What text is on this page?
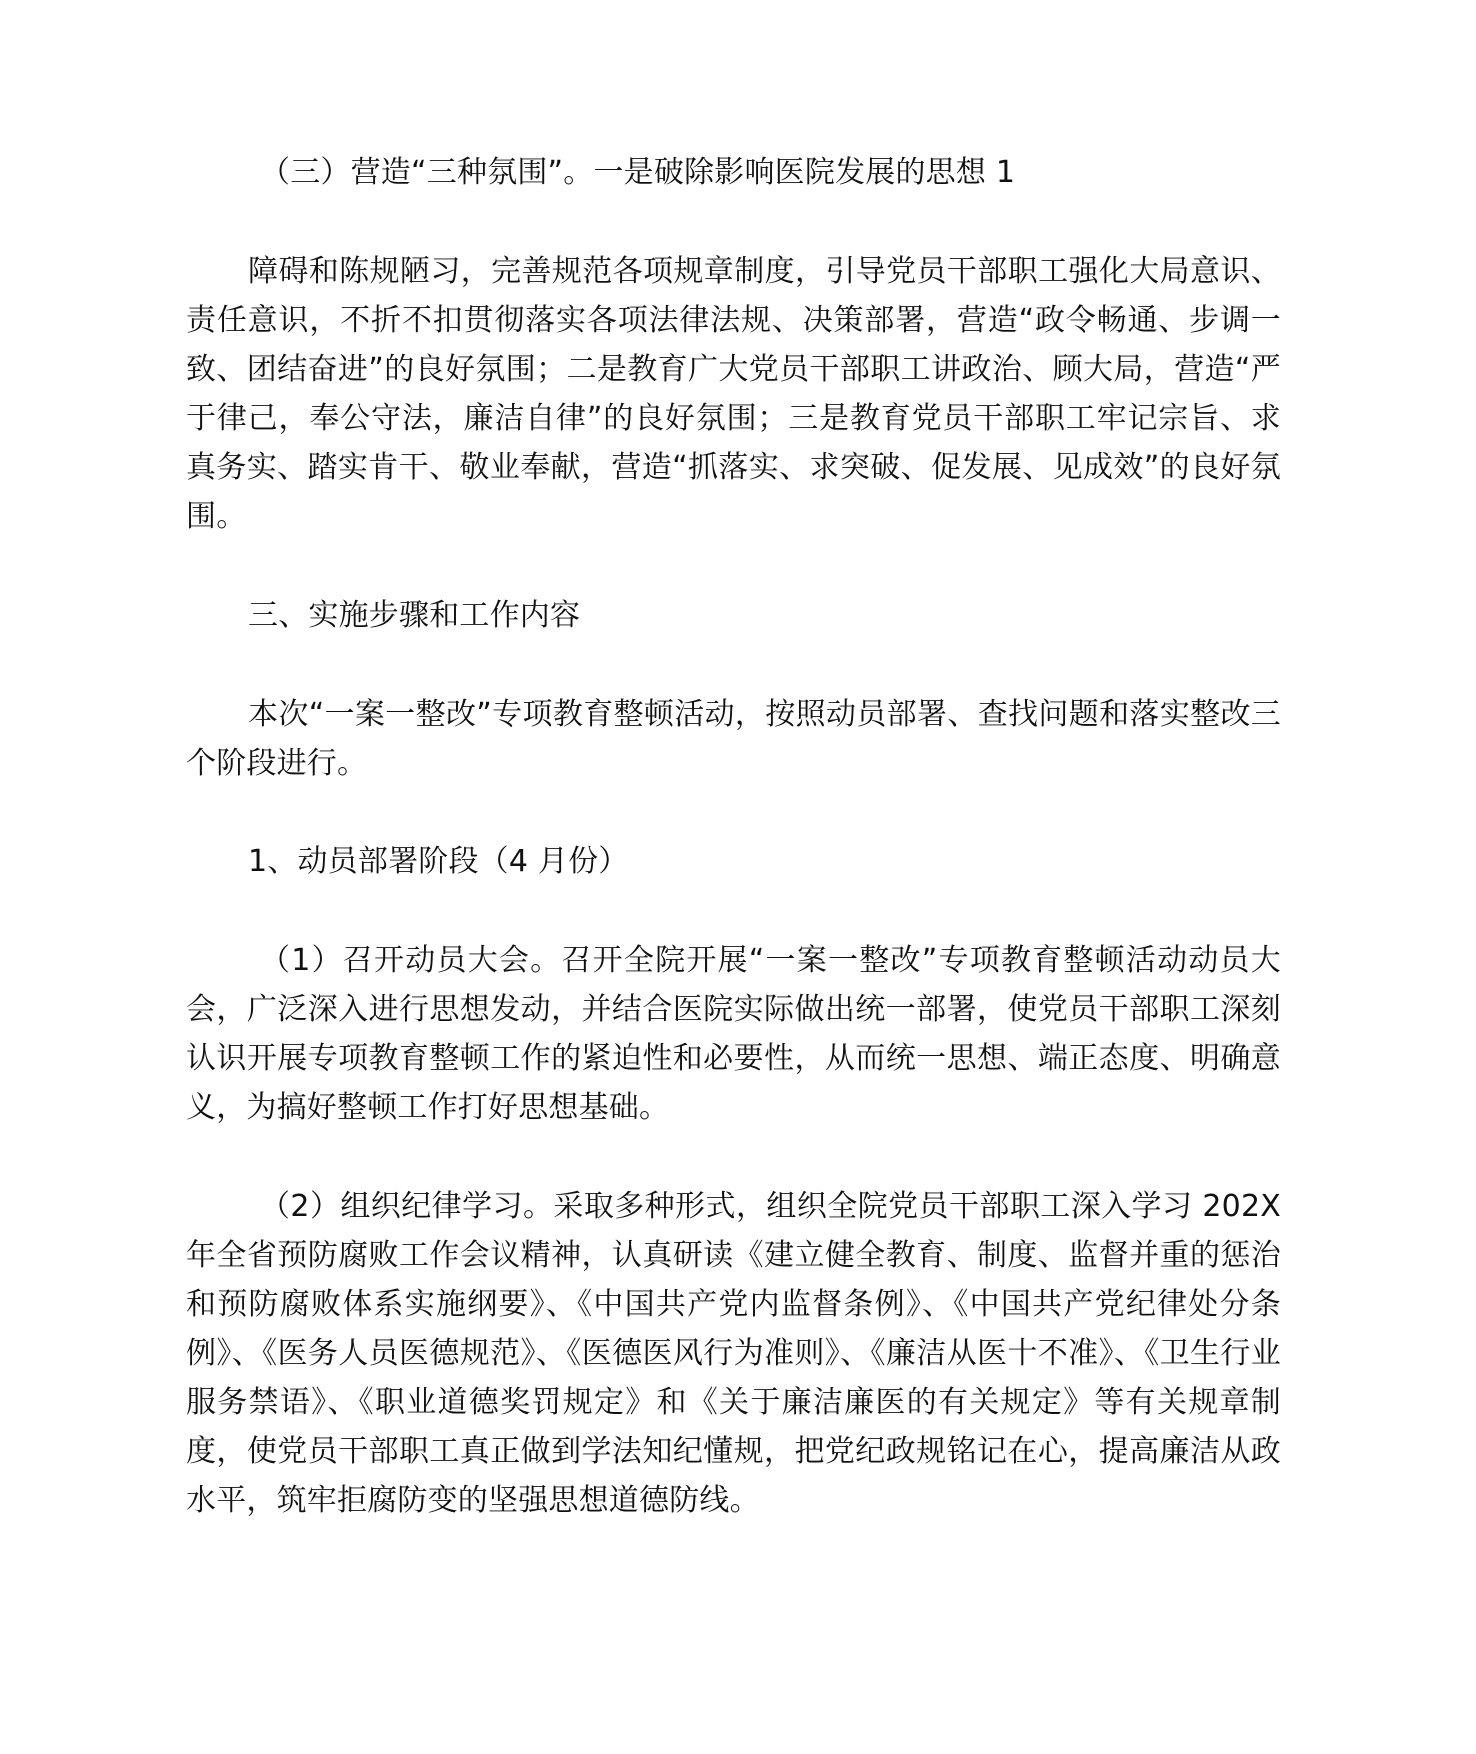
（三）营造“三种氛围”。一是破除影响医院发展的思想 1

障碍和陈规陋习，完善规范各项规章制度，引导党员干部职工强化大局意识、责任意识，不折不扣贯彻落实各项法律法规、决策部署，营造“政令畅通、步调一致、团结奋进”的良好氛围；二是教育广大党员干部职工讲政治、顾大局，营造“严于律己，奉公守法，廉洁自律”的良好氛围；三是教育党员干部职工牢记宗旨、求真务实、踏实肯干、敬业奉献，营造“抓落实、求突破、促发展、见成效”的良好氛围。

三、实施步骤和工作内容

本次“一案一整改”专项教育整顿活动，按照动员部署、查找问题和落实整改三个阶段进行。

1、动员部署阶段（4 月份）

（1）召开动员大会。召开全院开展“一案一整改”专项教育整顿活动动员大会，广泛深入进行思想发动，并结合医院实际做出统一部署，使党员干部职工深刻认识开展专项教育整顿工作的紧迫性和必要性，从而统一思想、端正态度、明确意义，为搞好整顿工作打好思想基础。

（2）组织纪律学习。采取多种形式，组织全院党员干部职工深入学习 202X 年全省预防腐败工作会议精神，认真研读《建立健全教育、制度、监督并重的惩治和预防腐败体系实施纲要》、《中国共产党内监督条例》、《中国共产党纪律处分条例》、《医务人员医德规范》、《医德医风行为准则》、《廉洁从医十不准》、《卫生行业服务禁语》、《职业道德奖罚规定》和《关于廉洁廉医的有关规定》等有关规章制度，使党员干部职工真正做到学法知纪懂规，把党纪政规铭记在心，提高廉洁从政水平，筑牢拒腐防变的坚强思想道德防线。
